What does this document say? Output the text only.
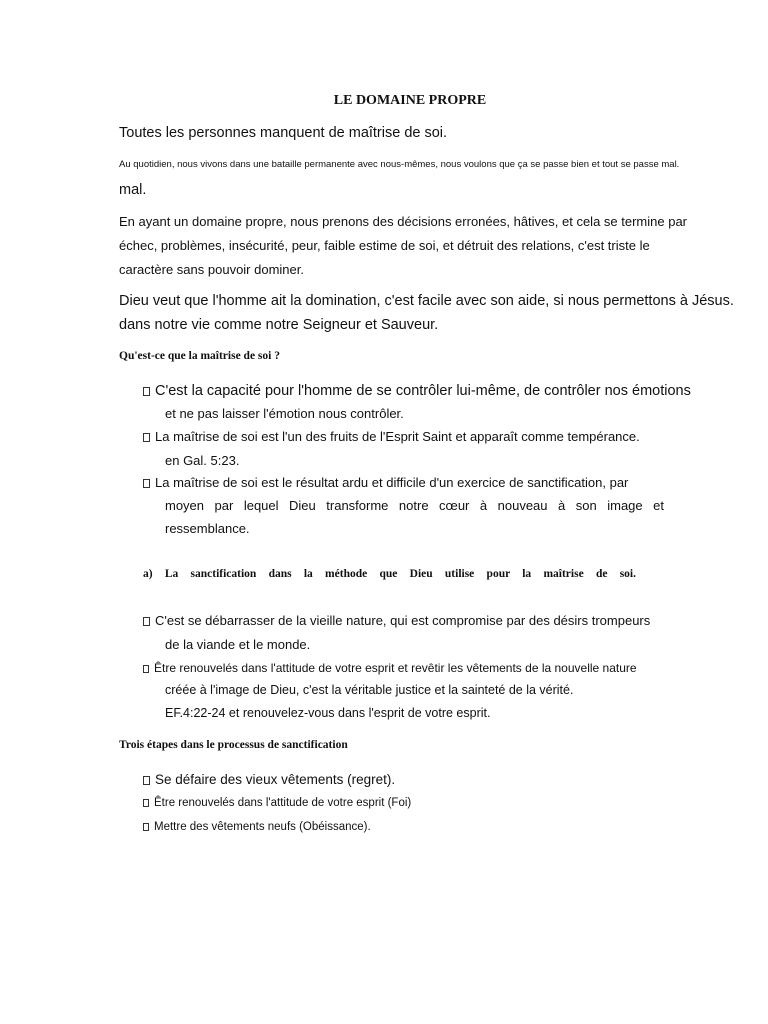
LE DOMAINE PROPRE
Toutes les personnes manquent de maîtrise de soi.
Au quotidien, nous vivons dans une bataille permanente avec nous-mêmes, nous voulons que ça se passe bien et tout se passe mal.
mal.
En ayant un domaine propre, nous prenons des décisions erronées, hâtives, et cela se termine par
échec, problèmes, insécurité, peur, faible estime de soi, et détruit des relations, c'est triste le
caractère sans pouvoir dominer.
Dieu veut que l'homme ait la domination, c'est facile avec son aide, si nous permettons à Jésus.
dans notre vie comme notre Seigneur et Sauveur.
Qu'est-ce que la maîtrise de soi ?
C'est la capacité pour l'homme de se contrôler lui-même, de contrôler nos émotions
et ne pas laisser l'émotion nous contrôler.
La maîtrise de soi est l'un des fruits de l'Esprit Saint et apparaît comme tempérance.
en Gal. 5:23.
La maîtrise de soi est le résultat ardu et difficile d'un exercice de sanctification, par
moyen par lequel Dieu transforme notre cœur à nouveau à son image et
ressemblance.
a) La sanctification dans la méthode que Dieu utilise pour la maîtrise de soi.
C'est se débarrasser de la vieille nature, qui est compromise par des désirs trompeurs
de la viande et le monde.
Être renouvelés dans l'attitude de votre esprit et revêtir les vêtements de la nouvelle nature
créée à l'image de Dieu, c'est la véritable justice et la sainteté de la vérité.
EF.4:22-24 et renouvelez-vous dans l'esprit de votre esprit.
Trois étapes dans le processus de sanctification
Se défaire des vieux vêtements (regret).
Être renouvelés dans l'attitude de votre esprit (Foi)
Mettre des vêtements neufs (Obéissance).
